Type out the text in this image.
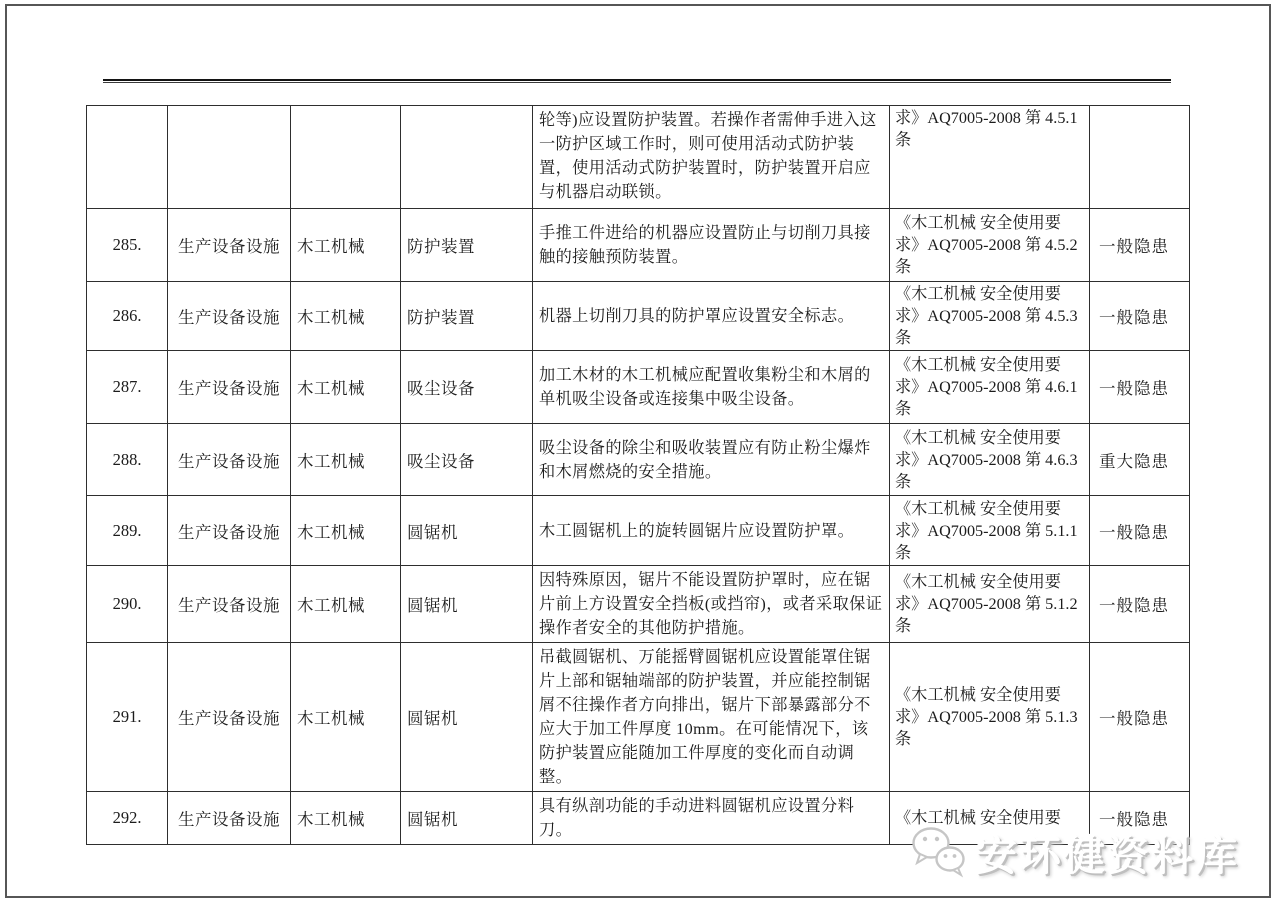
				轮等)应设置防护装置。若操作者需伸手进入这一防护区域工作时，则可使用活动式防护装置，使用活动式防护装置时，防护装置开启应与机器启动联锁。	求》AQ7005-2008 第 4.5.1 条	
285.	生产设备设施	木工机械	防护装置	手推工件进给的机器应设置防止与切削刀具接触的接触预防装置。	《木工机械 安全使用要求》AQ7005-2008 第 4.5.2 条	一般隐患
286.	生产设备设施	木工机械	防护装置	机器上切削刀具的防护罩应设置安全标志。	《木工机械 安全使用要求》AQ7005-2008 第 4.5.3 条	一般隐患
287.	生产设备设施	木工机械	吸尘设备	加工木材的木工机械应配置收集粉尘和木屑的单机吸尘设备或连接集中吸尘设备。	《木工机械 安全使用要求》AQ7005-2008 第 4.6.1 条	一般隐患
288.	生产设备设施	木工机械	吸尘设备	吸尘设备的除尘和吸收装置应有防止粉尘爆炸和木屑燃烧的安全措施。	《木工机械 安全使用要求》AQ7005-2008 第 4.6.3 条	重大隐患
289.	生产设备设施	木工机械	圆锯机	木工圆锯机上的旋转圆锯片应设置防护罩。	《木工机械 安全使用要求》AQ7005-2008 第 5.1.1 条	一般隐患
290.	生产设备设施	木工机械	圆锯机	因特殊原因，锯片不能设置防护罩时，应在锯片前上方设置安全挡板(或挡帘)，或者采取保证操作者安全的其他防护措施。	《木工机械 安全使用要求》AQ7005-2008 第 5.1.2 条	一般隐患
291.	生产设备设施	木工机械	圆锯机	吊截圆锯机、万能摇臂圆锯机应设置能罩住锯片上部和锯轴端部的防护装置，并应能控制锯屑不往操作者方向排出，锯片下部暴露部分不应大于加工件厚度 10mm。在可能情况下，该防护装置应能随加工件厚度的变化而自动调整。	《木工机械 安全使用要求》AQ7005-2008 第 5.1.3 条	一般隐患
292.	生产设备设施	木工机械	圆锯机	具有纵剖功能的手动进料圆锯机应设置分料刀。	《木工机械 安全使用要	一般隐患
安环健资料库
